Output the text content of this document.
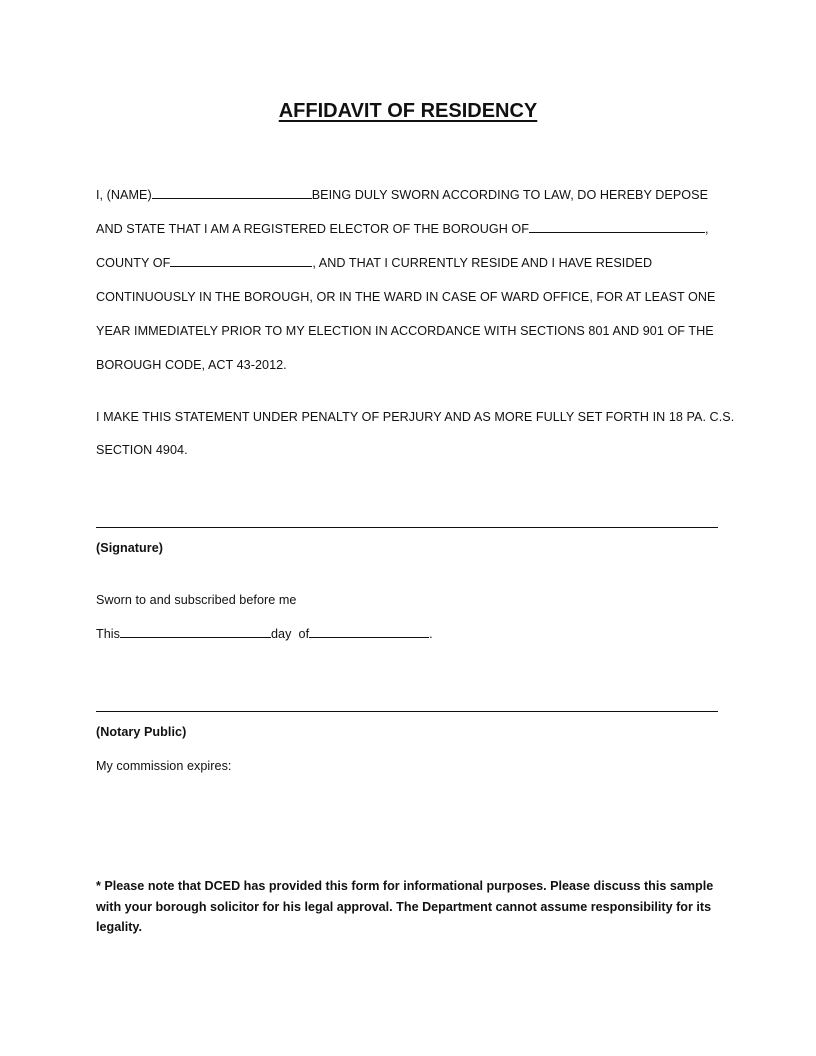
AFFIDAVIT OF RESIDENCY
I, (NAME)	BEING DULY SWORN ACCORDING TO LAW, DO HEREBY DEPOSE
AND STATE THAT I AM A REGISTERED ELECTOR OF THE BOROUGH OF	,
COUNTY OF	, AND THAT I CURRENTLY RESIDE AND I HAVE RESIDED
CONTINUOUSLY IN THE BOROUGH, OR IN THE WARD IN CASE OF WARD OFFICE, FOR AT LEAST ONE
YEAR IMMEDIATELY PRIOR TO MY ELECTION IN ACCORDANCE WITH SECTIONS 801 AND 901 OF THE
BOROUGH CODE, ACT 43-2012.
I MAKE THIS STATEMENT UNDER PENALTY OF PERJURY AND AS MORE FULLY SET FORTH IN 18 PA. C.S.
SECTION 4904.
(Signature)
Sworn to and subscribed before me
This	day  of	.
(Notary Public)
My commission expires:
* Please note that DCED has provided this form for informational purposes. Please discuss this sample with your borough solicitor for his legal approval. The Department cannot assume responsibility for its legality.
